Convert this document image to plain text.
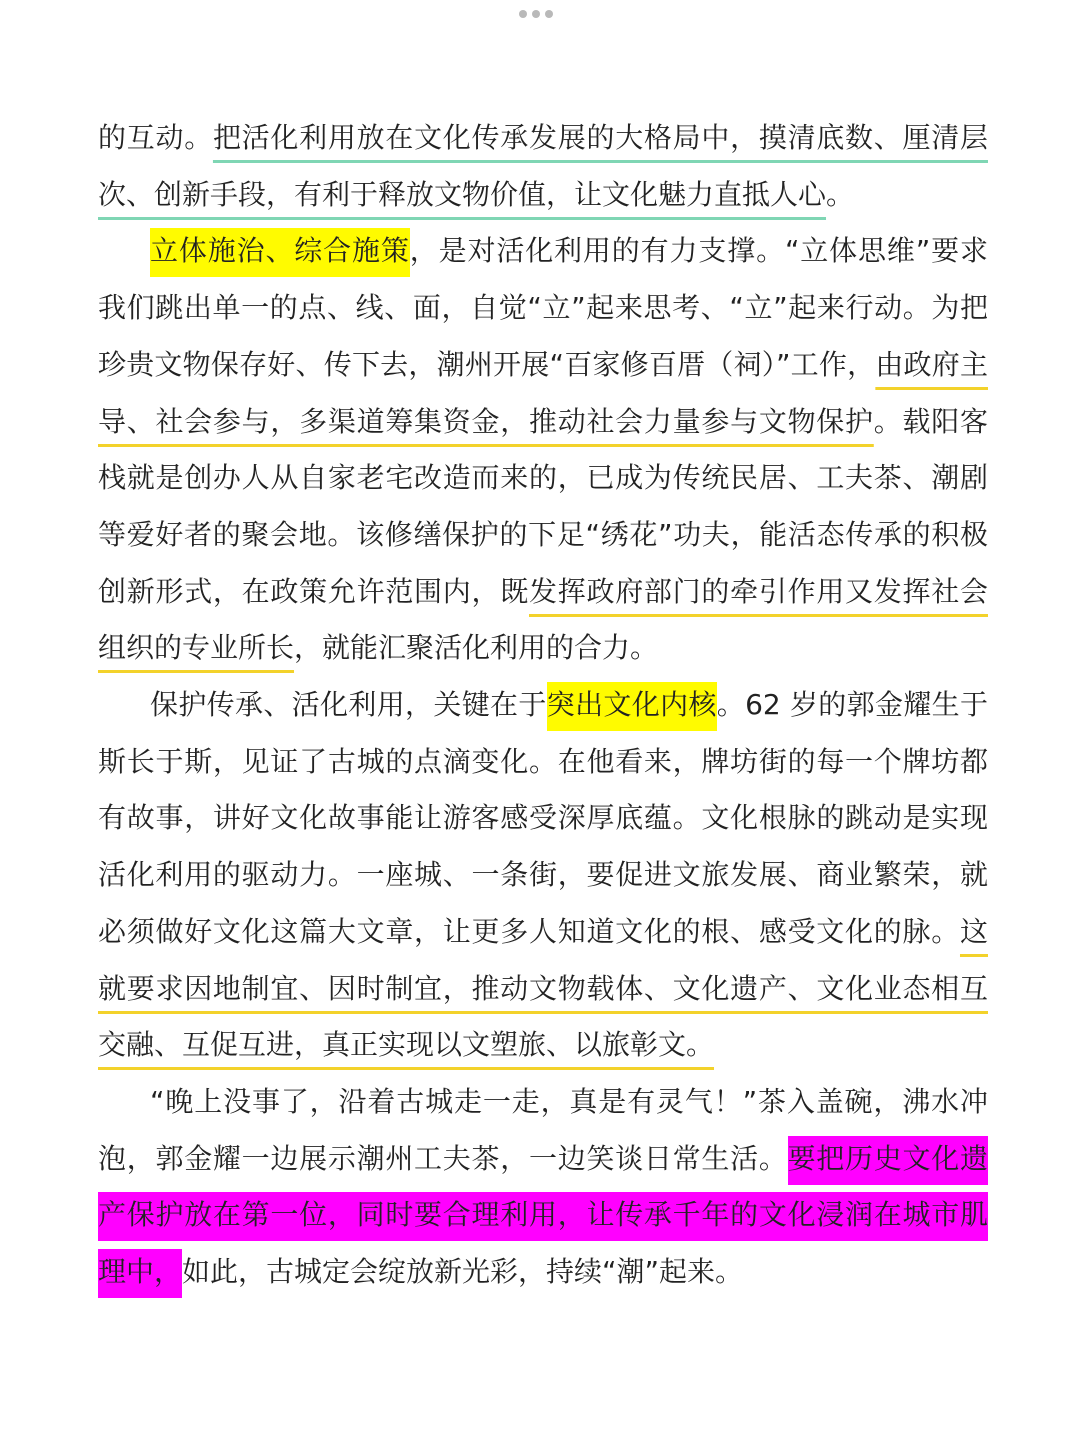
的互动。把活化利用放在文化传承发展的大格局中，摸清底数、厘清层次、创新手段，有利于释放文物价值，让文化魅力直抵人心。

立体施治、综合施策，是对活化利用的有力支撑。“立体思维”要求我们跳出单一的点、线、面，自觉“立”起来思考、“立”起来行动。为把珍贵文物保存好、传下去，潮州开展“百家修百厝（祠）”工作，由政府主导、社会参与，多渠道筹集资金，推动社会力量参与文物保护。载阳客栈就是创办人从自家老宅改造而来的，已成为传统民居、工夫茶、潮剧等爱好者的聚会地。该修缮保护的下足“绣花”功夫，能活态传承的积极创新形式，在政策允许范围内，既发挥政府部门的牵引作用又发挥社会组织的专业所长，就能汇聚活化利用的合力。

保护传承、活化利用，关键在于突出文化内核。62 岁的郭金耀生于斯长于斯，见证了古城的点滴变化。在他看来，牌坊街的每一个牌坊都有故事，讲好文化故事能让游客感受深厚底蕴。文化根脉的跳动是实现活化利用的驱动力。一座城、一条街，要促进文旅发展、商业繁荣，就必须做好文化这篇大文章，让更多人知道文化的根、感受文化的脉。这就要求因地制宜、因时制宜，推动文物载体、文化遗产、文化业态相互交融、互促互进，真正实现以文塑旅、以旅彰文。

“晚上没事了，沿着古城走一走，真是有灵气！”茶入盖碗，沸水冲泡，郭金耀一边展示潮州工夫茶，一边笑谈日常生活。要把历史文化遗产保护放在第一位，同时要合理利用，让传承千年的文化浸润在城市肌理中，如此，古城定会绽放新光彩，持续“潮”起来。
